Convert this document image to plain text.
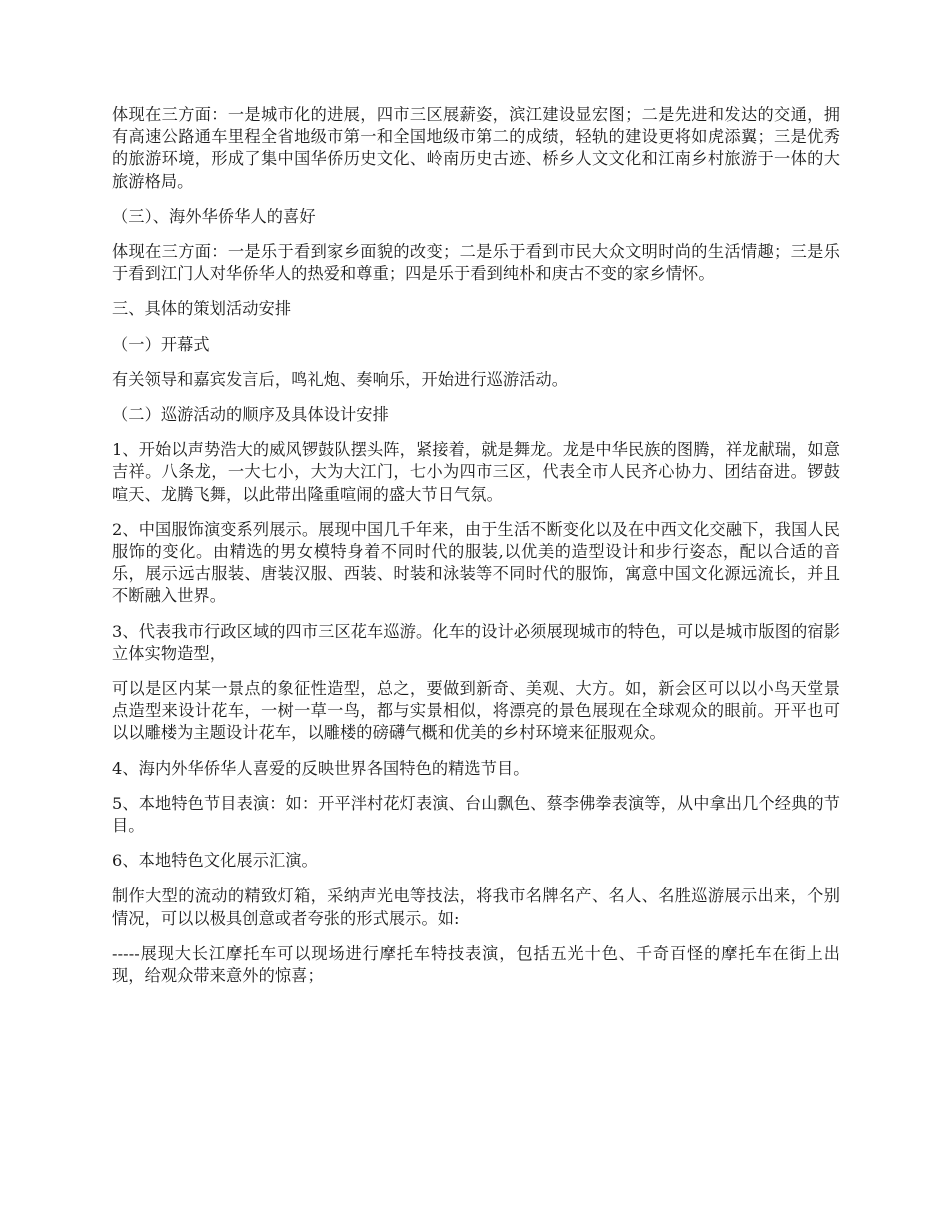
体现在三方面：一是城市化的进展，四市三区展薪姿，滨江建设显宏图；二是先进和发达的交通，拥有高速公路通车里程全省地级市第一和全国地级市第二的成绩，轻轨的建设更将如虎添翼；三是优秀的旅游环境，形成了集中国华侨历史文化、岭南历史古迹、桥乡人文文化和江南乡村旅游于一体的大旅游格局。

（三）、海外华侨华人的喜好

体现在三方面：一是乐于看到家乡面貌的改变；二是乐于看到市民大众文明时尚的生活情趣；三是乐于看到江门人对华侨华人的热爱和尊重；四是乐于看到纯朴和庚古不变的家乡情怀。

三、具体的策划活动安排

（一）开幕式

有关领导和嘉宾发言后，鸣礼炮、奏响乐，开始进行巡游活动。

（二）巡游活动的顺序及具体设计安排

1、开始以声势浩大的威风锣鼓队摆头阵，紧接着，就是舞龙。龙是中华民族的图腾，祥龙献瑞，如意吉祥。八条龙，一大七小，大为大江门，七小为四市三区，代表全市人民齐心协力、团结奋进。锣鼓喧天、龙腾飞舞，以此带出隆重喧闹的盛大节日气氛。

2、中国服饰演变系列展示。展现中国几千年来，由于生活不断变化以及在中西文化交融下，我国人民服饰的变化。由精选的男女模特身着不同时代的服装,以优美的造型设计和步行姿态，配以合适的音乐，展示远古服装、唐装汉服、西装、时装和泳装等不同时代的服饰，寓意中国文化源远流长，并且不断融入世界。

3、代表我市行政区域的四市三区花车巡游。化车的设计必须展现城市的特色，可以是城市版图的宿影立体实物造型，

可以是区内某一景点的象征性造型，总之，要做到新奇、美观、大方。如，新会区可以以小鸟天堂景点造型来设计花车，一树一草一鸟，都与实景相似，将漂亮的景色展现在全球观众的眼前。开平也可以以雕楼为主题设计花车，以雕楼的磅礴气概和优美的乡村环境来征服观众。

4、海内外华侨华人喜爱的反映世界各国特色的精选节目。

5、本地特色节目表演：如：开平泮村花灯表演、台山飘色、蔡李佛拳表演等，从中拿出几个经典的节目。

6、本地特色文化展示汇演。

制作大型的流动的精致灯箱，采纳声光电等技法，将我市名牌名产、名人、名胜巡游展示出来，个别情况，可以以极具创意或者夸张的形式展示。如:

-----展现大长江摩托车可以现场进行摩托车特技表演，包括五光十色、千奇百怪的摩托车在街上出现，给观众带来意外的惊喜；
